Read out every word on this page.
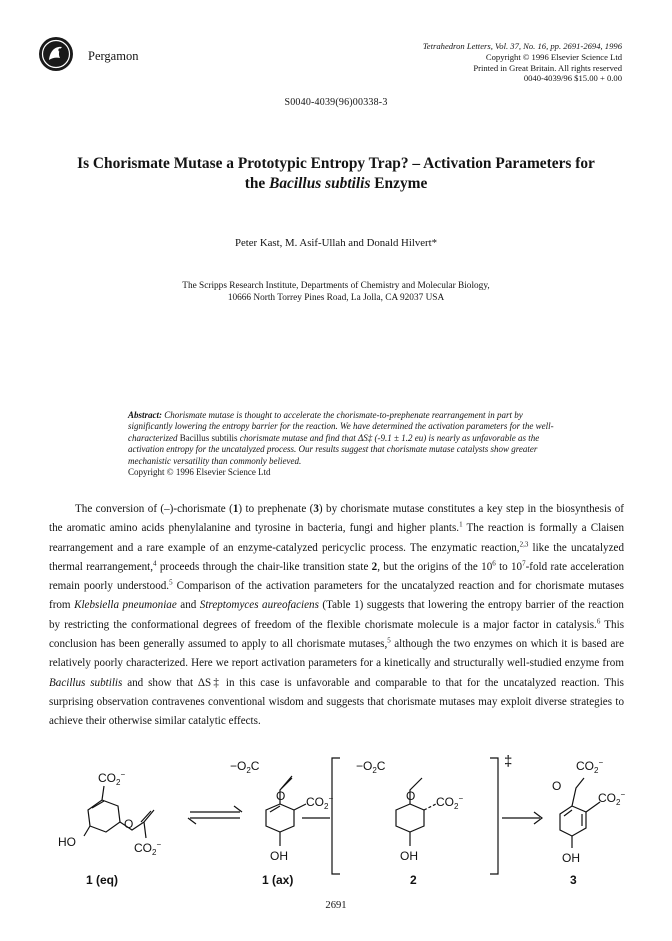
Pergamon
Tetrahedron Letters, Vol. 37, No. 16, pp. 2691-2694, 1996
Copyright © 1996 Elsevier Science Ltd
Printed in Great Britain. All rights reserved
0040-4039/96 $15.00 + 0.00
S0040-4039(96)00338-3
Is Chorismate Mutase a Prototypic Entropy Trap? – Activation Parameters for
the Bacillus subtilis Enzyme
Peter Kast, M. Asif-Ullah and Donald Hilvert*
The Scripps Research Institute, Departments of Chemistry and Molecular Biology,
10666 North Torrey Pines Road, La Jolla, CA 92037 USA
Abstract: Chorismate mutase is thought to accelerate the chorismate-to-prephenate rearrangement in part by significantly lowering the entropy barrier for the reaction. We have determined the activation parameters for the well-characterized Bacillus subtilis chorismate mutase and find that ΔS‡ (-9.1 ± 1.2 eu) is nearly as unfavorable as the activation entropy for the uncatalyzed process. Our results suggest that chorismate mutase catalysts show greater mechanistic versatility than commonly believed.
Copyright © 1996 Elsevier Science Ltd
The conversion of (–)-chorismate (1) to prephenate (3) by chorismate mutase constitutes a key step in the biosynthesis of the aromatic amino acids phenylalanine and tyrosine in bacteria, fungi and higher plants.$^1$ The reaction is formally a Claisen rearrangement and a rare example of an enzyme-catalyzed pericyclic process. The enzymatic reaction,$^{2,3}$ like the uncatalyzed thermal rearrangement,$^4$ proceeds through the chair-like transition state 2, but the origins of the $10^6$ to $10^7$-fold rate acceleration remain poorly understood.$^5$ Comparison of the activation parameters for the uncatalyzed reaction and for chorismate mutases from Klebsiella pneumoniae and Streptomyces aureofaciens (Table 1) suggests that lowering the entropy barrier of the reaction by restricting the conformational degrees of freedom of the flexible chorismate molecule is a major factor in catalysis.$^6$ This conclusion has been generally assumed to apply to all chorismate mutases,$^5$ although the two enzymes on which it is based are relatively poorly characterized. Here we report activation parameters for a kinetically and structurally well-studied enzyme from Bacillus subtilis and show that ΔS‡ in this case is unfavorable and comparable to that for the uncatalyzed reaction. This surprising observation contravenes conventional wisdom and suggests that chorismate mutases may exploit diverse strategies to achieve their otherwise similar catalytic effects.
$CO_2^-$
HO
O
$CO_2^-$
$-O_2C$
O $CO_2^-$
OH
$-O_2C$
O $CO_2^-$
OH
‡	$CO_2^-$
O
$CO_2^-$
OH
1 (eq)	1 (ax)	2	3
2691
